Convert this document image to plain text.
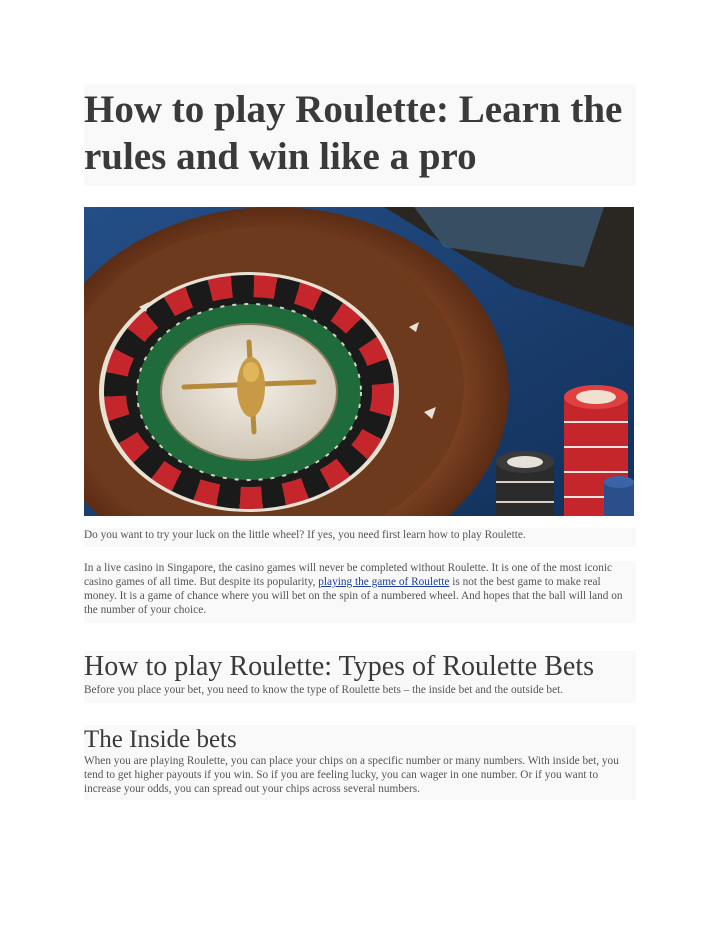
How to play Roulette: Learn the rules and win like a pro

Do you want to try your luck on the little wheel? If yes, you need first learn how to play Roulette.

In a live casino in Singapore, the casino games will never be completed without Roulette. It is one of the most iconic casino games of all time. But despite its popularity, playing the game of Roulette is not the best game to make real money. It is a game of chance where you will bet on the spin of a numbered wheel. And hopes that the ball will land on the number of your choice.

How to play Roulette: Types of Roulette Bets

Before you place your bet, you need to know the type of Roulette bets – the inside bet and the outside bet.

The Inside bets

When you are playing Roulette, you can place your chips on a specific number or many numbers. With inside bet, you tend to get higher payouts if you win. So if you are feeling lucky, you can wager in one number. Or if you want to increase your odds, you can spread out your chips across several numbers.
